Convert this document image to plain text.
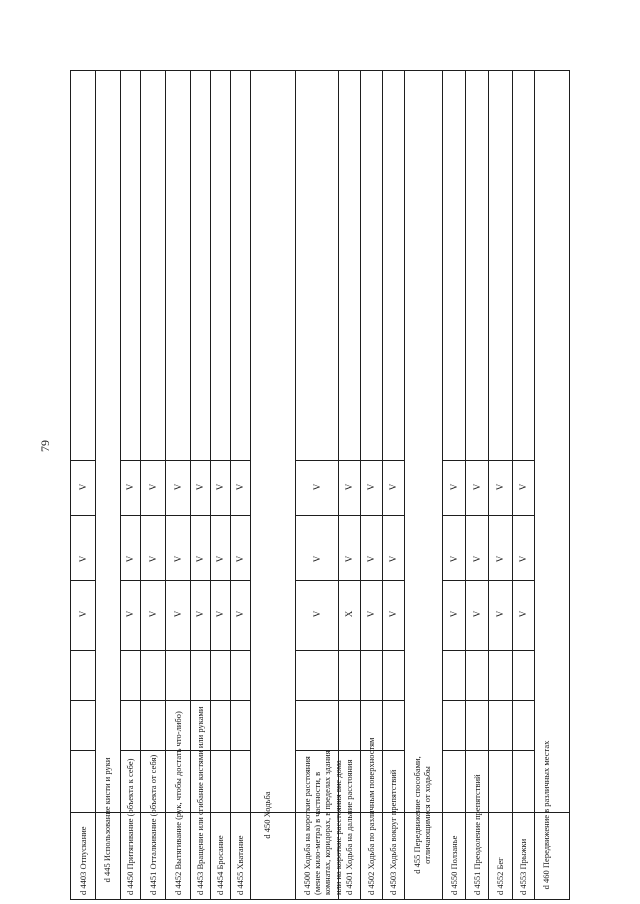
79
d 4403 Отпускание
V
V
V
d 445 Использование кисти и руки d 4450 Притягивание (объекта к себе)
V
V
V
d 4451 Отталкивание (объекта от себя)
V
V
V
d 4452 Вытягивание (рук, чтобы достать что-либо)
V
V
V
d 4453 Вращение или сгибание кистями или руками
V
V
V
d 4454 Бросание
V
V
V
d 4455 Хватание
V
V
V
d 450 Ходьба	d 4500 Ходьба на короткие расстояния (менее кило-метра) в частности, в комнатах, коридорах, в пределах здания или на короткие расстояния вне дома
V
V
V
d 4501 Ходьба на дальние расстояния
X
V
V
d 4502 Ходьба по различным поверхностям
V
V
V
d 4503 Ходьба вокруг препятствий
V
V
V
d 455 Передвижение способами, отличающимися от ходьбы
d 4550 Ползанье
V
V
V
d 4551 Преодоление препятствий
V
V
V
d 4552 Бег
V
V
V
d 4553 Прыжки
V
V
V
d 460 Передвижение в различных местах
